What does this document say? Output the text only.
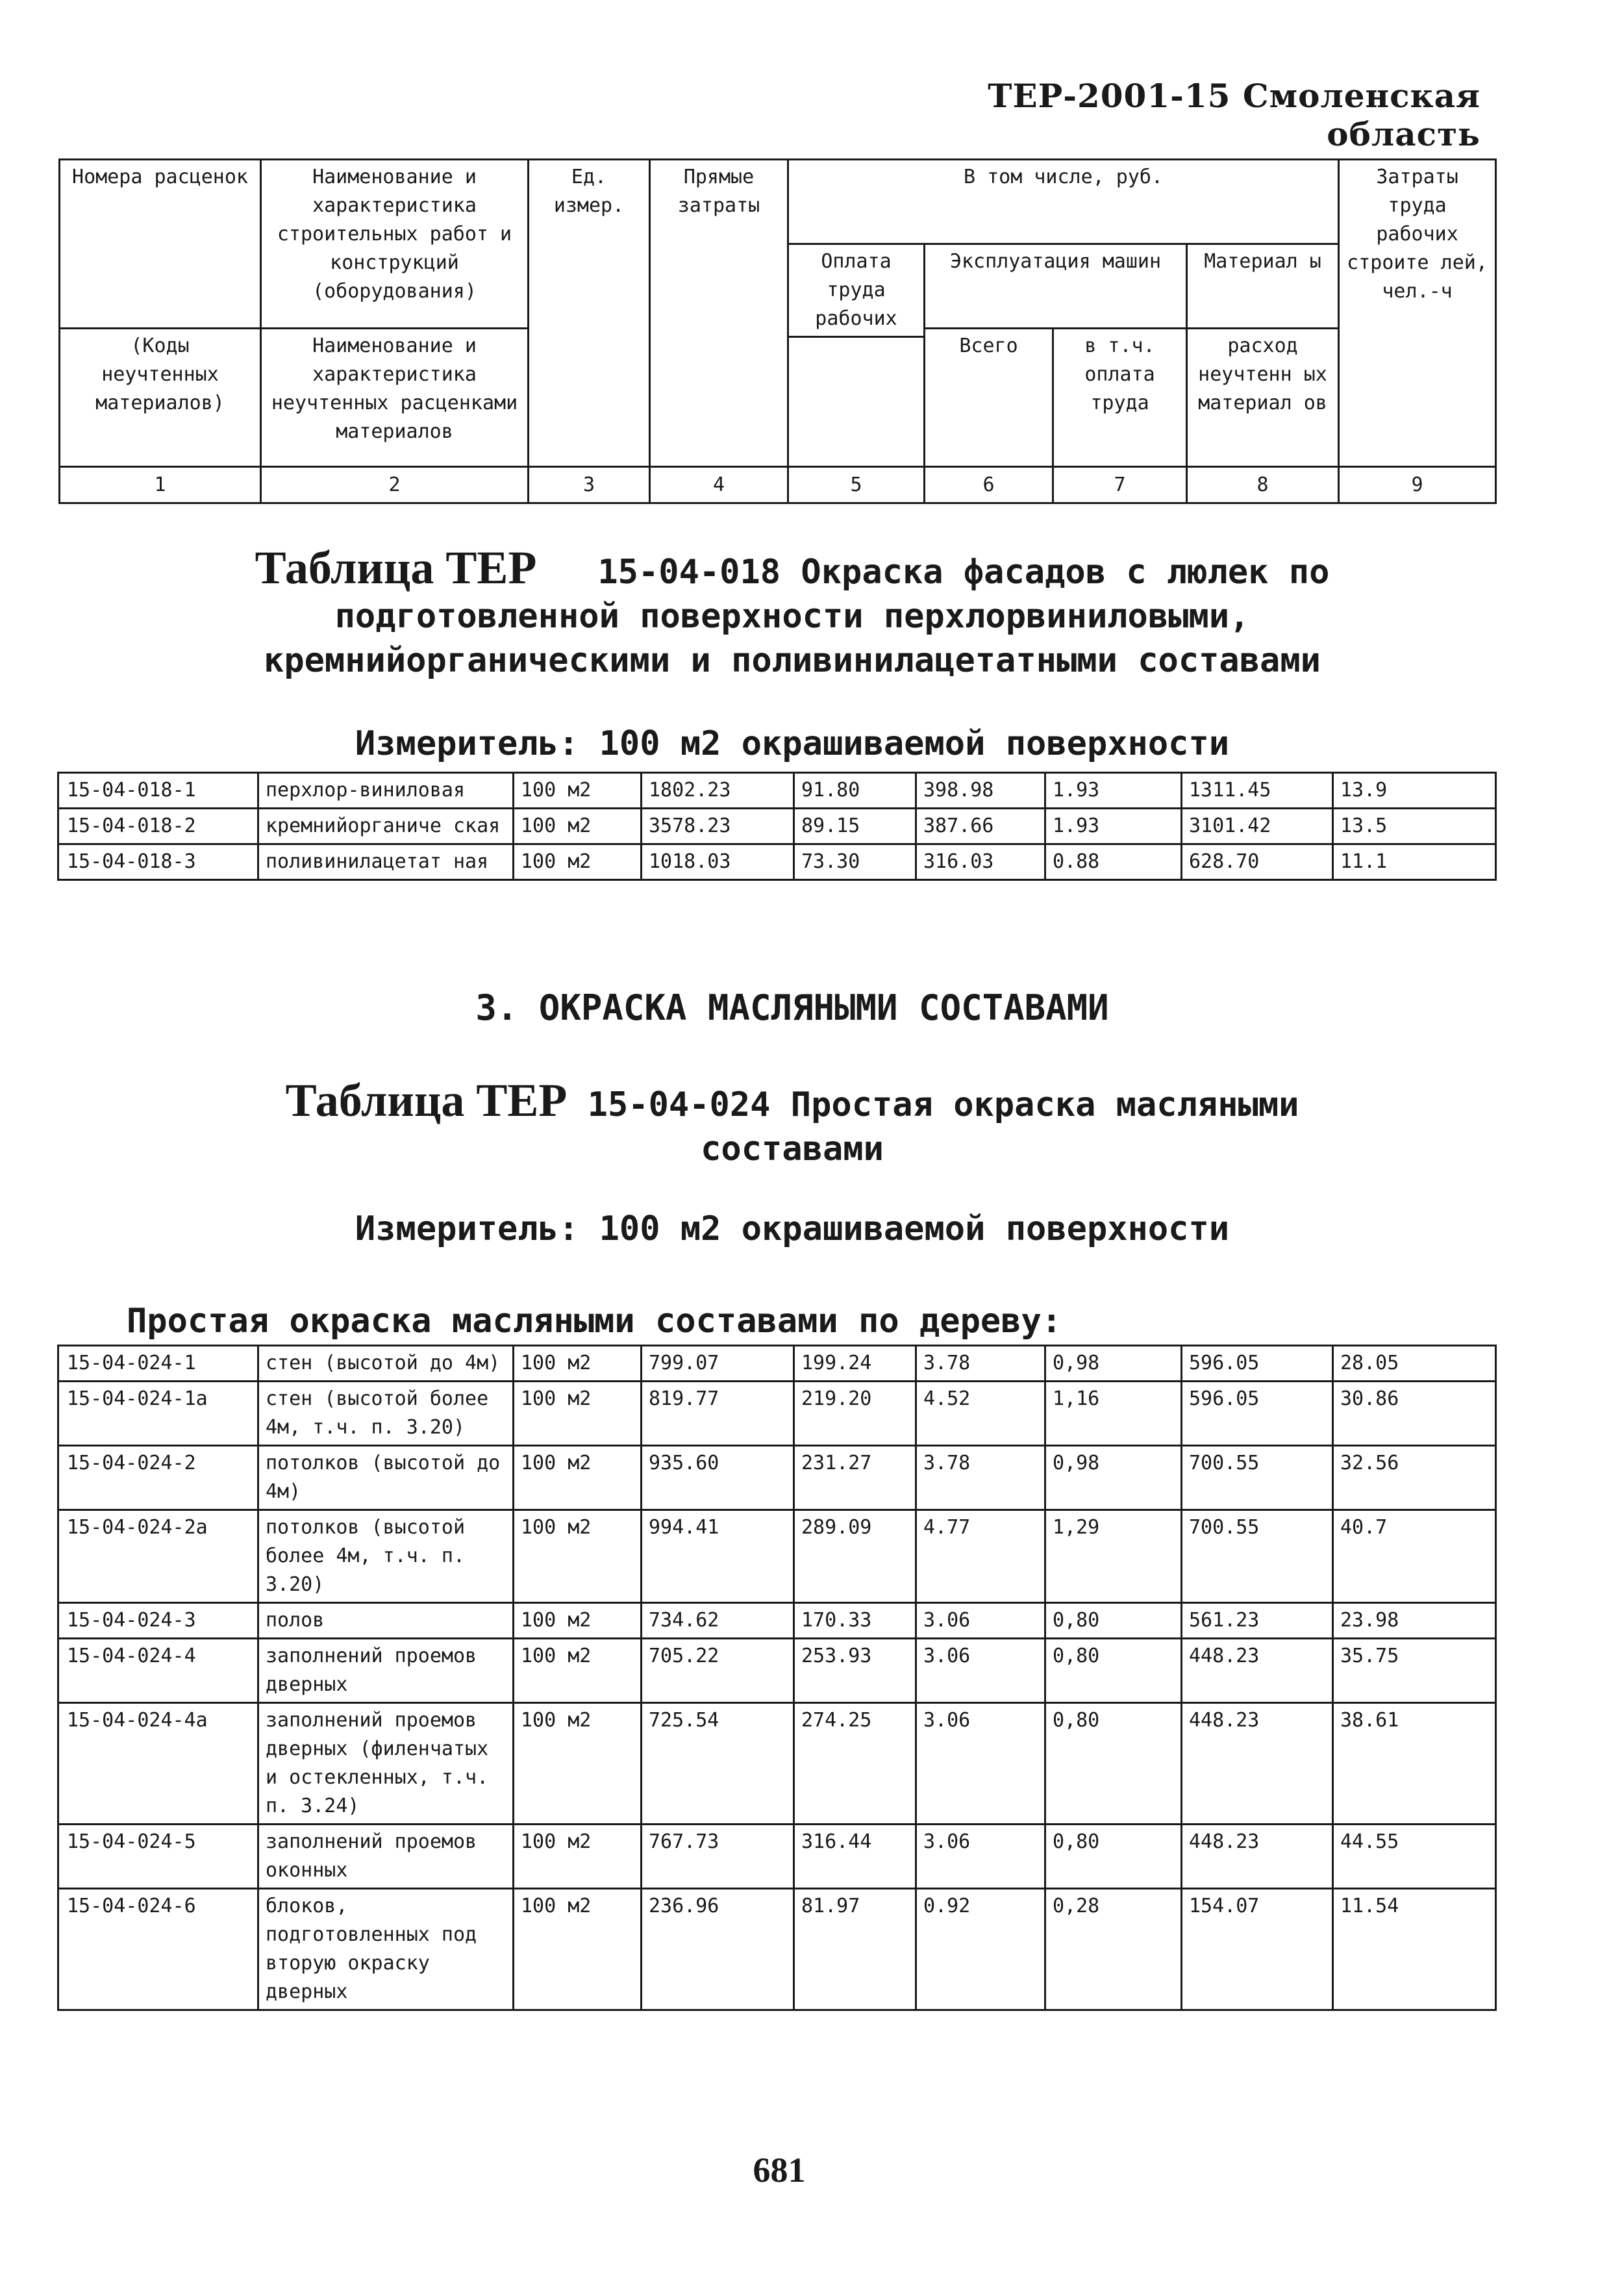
ТЕР-2001-15 Смоленская область
Номера расценок	Наименование и характеристика строительных работ и конструкций (оборудования)	Ед. измер.	Прямые затраты	В том числе, руб.				Затраты труда рабочих строите лей, чел.-ч
				Оплата труда рабочих	Эксплуатация машин		Материал ы	
(Коды неучтенных материалов)	Наименование и характеристика неучтенных расценками материалов				Всего	в т.ч. оплата труда	расход неучтенн ых материал ов	

1	2	3	4	5	6	7	8	9
Таблица ТЕР 15-04-018 Окраска фасадов с люлек по
подготовленной поверхности перхлорвиниловыми,
кремнийорганическими и поливинилацетатными составами
Измеритель: 100 м2 окрашиваемой поверхности
15-04-018-1	перхлор-виниловая	100 м2	1802.23	91.80	398.98	1.93	1311.45	13.9
15-04-018-2	кремнийорганиче ская	100 м2	3578.23	89.15	387.66	1.93	3101.42	13.5
15-04-018-3	поливинилацетат ная	100 м2	1018.03	73.30	316.03	0.88	628.70	11.1
3. ОКРАСКА МАСЛЯНЫМИ СОСТАВАМИ
Таблица ТЕР 15-04-024 Простая окраска масляными
составами
Измеритель: 100 м2 окрашиваемой поверхности
Простая окраска масляными составами по дереву:
15-04-024-1	стен (высотой до 4м)	100 м2	799.07	199.24	3.78	0,98	596.05	28.05
15-04-024-1а	стен (высотой более 4м, т.ч. п. 3.20)	100 м2	819.77	219.20	4.52	1,16	596.05	30.86
15-04-024-2	потолков (высотой до 4м)	100 м2	935.60	231.27	3.78	0,98	700.55	32.56
15-04-024-2а	потолков (высотой более 4м, т.ч. п. 3.20)	100 м2	994.41	289.09	4.77	1,29	700.55	40.7
15-04-024-3	полов	100 м2	734.62	170.33	3.06	0,80	561.23	23.98
15-04-024-4	заполнений проемов дверных	100 м2	705.22	253.93	3.06	0,80	448.23	35.75
15-04-024-4а	заполнений проемов дверных (филенчатых и остекленных, т.ч. п. 3.24)	100 м2	725.54	274.25	3.06	0,80	448.23	38.61
15-04-024-5	заполнений проемов оконных	100 м2	767.73	316.44	3.06	0,80	448.23	44.55
15-04-024-6	блоков, подготовленных под вторую окраску дверных	100 м2	236.96	81.97	0.92	0,28	154.07	11.54
681
